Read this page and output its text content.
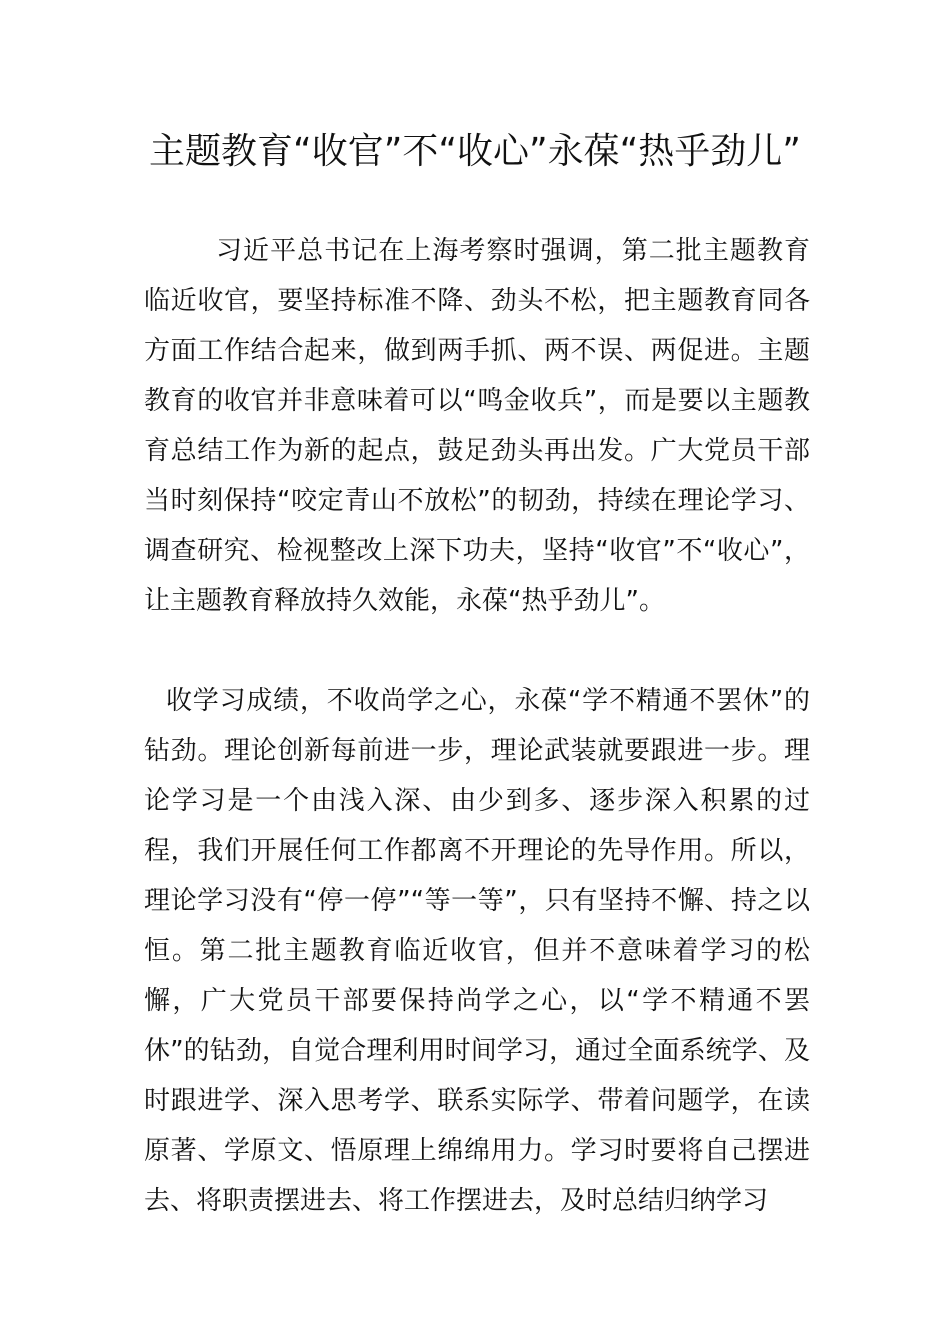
主题教育“收官”不“收心”永葆“热乎劲儿”

习近平总书记在上海考察时强调，第二批主题教育临近收官，要坚持标准不降、劲头不松，把主题教育同各方面工作结合起来，做到两手抓、两不误、两促进。主题教育的收官并非意味着可以“鸣金收兵”，而是要以主题教育总结工作为新的起点，鼓足劲头再出发。广大党员干部当时刻保持“咬定青山不放松”的韧劲，持续在理论学习、调查研究、检视整改上深下功夫，坚持“收官”不“收心”，让主题教育释放持久效能，永葆“热乎劲儿”。

收学习成绩，不收尚学之心，永葆“学不精通不罢休”的钻劲。理论创新每前进一步，理论武装就要跟进一步。理论学习是一个由浅入深、由少到多、逐步深入积累的过程，我们开展任何工作都离不开理论的先导作用。所以，理论学习没有“停一停”“等一等”，只有坚持不懈、持之以恒。第二批主题教育临近收官，但并不意味着学习的松懈，广大党员干部要保持尚学之心，以“学不精通不罢休”的钻劲，自觉合理利用时间学习，通过全面系统学、及时跟进学、深入思考学、联系实际学、带着问题学，在读原著、学原文、悟原理上绵绵用力。学习时要将自己摆进去、将职责摆进去、将工作摆进去，及时总结归纳学习
